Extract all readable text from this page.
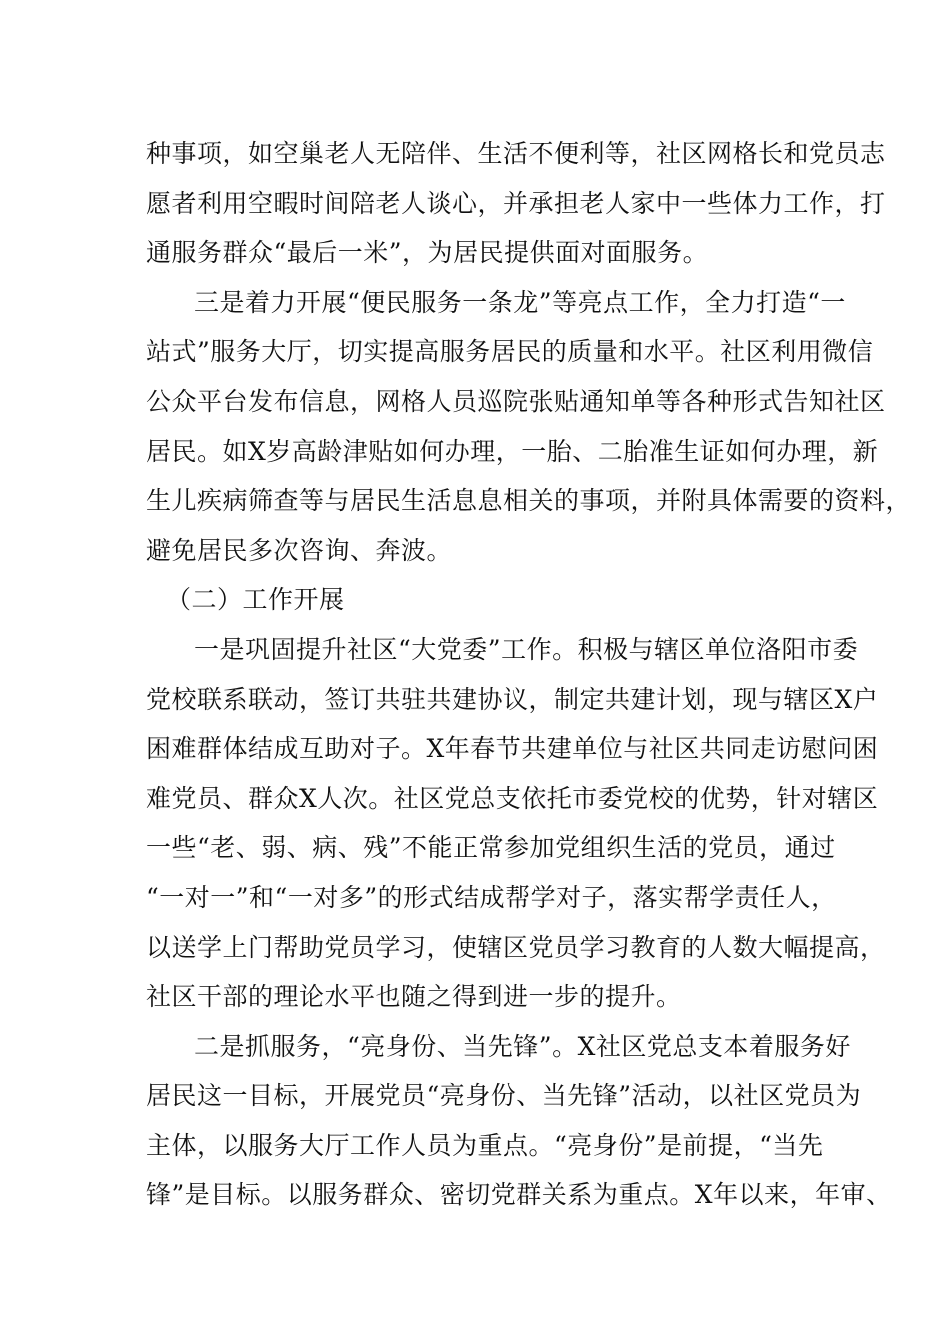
种事项，如空巢老人无陪伴、生活不便利等，社区网格长和党员志
愿者利用空暇时间陪老人谈心，并承担老人家中一些体力工作，打
通服务群众“最后一米”，为居民提供面对面服务。
三是着力开展“便民服务一条龙”等亮点工作，全力打造“一
站式”服务大厅，切实提高服务居民的质量和水平。社区利用微信
公众平台发布信息，网格人员巡院张贴通知单等各种形式告知社区
居民。如X岁高龄津贴如何办理，一胎、二胎准生证如何办理，新
生儿疾病筛查等与居民生活息息相关的事项，并附具体需要的资料，
避免居民多次咨询、奔波。
（二）工作开展
一是巩固提升社区“大党委”工作。积极与辖区单位洛阳市委
党校联系联动，签订共驻共建协议，制定共建计划，现与辖区X户
困难群体结成互助对子。X年春节共建单位与社区共同走访慰问困
难党员、群众X人次。社区党总支依托市委党校的优势，针对辖区
一些“老、弱、病、残”不能正常参加党组织生活的党员，通过
“一对一”和“一对多”的形式结成帮学对子，落实帮学责任人，
以送学上门帮助党员学习，使辖区党员学习教育的人数大幅提高，
社区干部的理论水平也随之得到进一步的提升。
二是抓服务，“亮身份、当先锋”。X社区党总支本着服务好
居民这一目标，开展党员“亮身份、当先锋”活动，以社区党员为
主体，以服务大厅工作人员为重点。“亮身份”是前提，“当先
锋”是目标。以服务群众、密切党群关系为重点。X年以来，年审、
